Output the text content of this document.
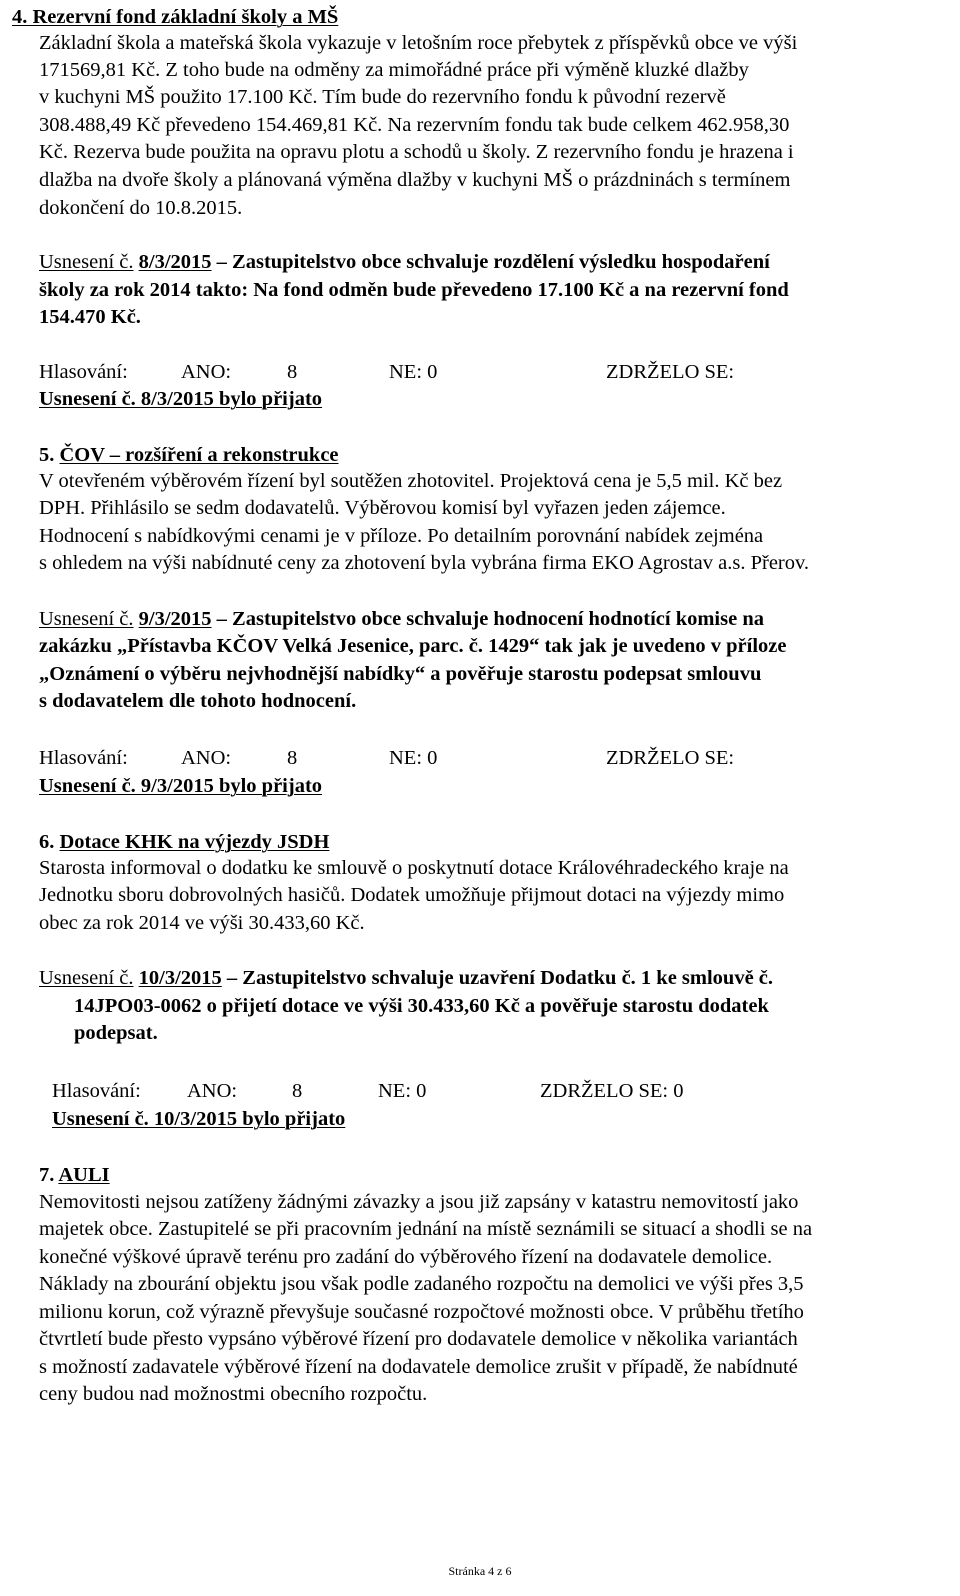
4. Rezervní fond základní školy a MŠ
Základní škola a mateřská škola vykazuje v letošním roce přebytek z příspěvků obce ve výši
171569,81 Kč. Z toho bude na odměny za mimořádné práce při výměně kluzké dlažby
v kuchyni MŠ použito 17.100 Kč. Tím bude do rezervního fondu k původní rezervě
308.488,49 Kč převedeno 154.469,81 Kč. Na rezervním fondu tak bude celkem 462.958,30
Kč. Rezerva bude použita na opravu plotu a schodů u školy. Z rezervního fondu je hrazena i
dlažba na dvoře školy a plánovaná výměna dlažby v kuchyni MŠ o prázdninách s termínem
dokončení do 10.8.2015.
Usnesení č. 8/3/2015 – Zastupitelstvo obce schvaluje rozdělení výsledku hospodaření
školy za rok 2014 takto: Na fond odměn bude převedeno 17.100 Kč a na rezervní fond
154.470 Kč.
Hlasování:	ANO:	8	NE: 0	ZDRŽELO SE:
Usnesení č. 8/3/2015 bylo přijato
5. ČOV – rozšíření a rekonstrukce
V otevřeném výběrovém řízení byl soutěžen zhotovitel. Projektová cena je 5,5 mil. Kč bez
DPH. Přihlásilo se sedm dodavatelů. Výběrovou komisí byl vyřazen jeden zájemce.
Hodnocení s nabídkovými cenami je v příloze. Po detailním porovnání nabídek zejména
s ohledem na výši nabídnuté ceny za zhotovení byla vybrána firma EKO Agrostav a.s. Přerov.
Usnesení č. 9/3/2015 – Zastupitelstvo obce schvaluje hodnocení hodnotící komise na
zakázku „Přístavba KČOV Velká Jesenice, parc. č. 1429“ tak jak je uvedeno v příloze
„Oznámení o výběru nejvhodnější nabídky“ a pověřuje starostu podepsat smlouvu
s dodavatelem dle tohoto hodnocení.
Hlasování:	ANO:	8	NE: 0	ZDRŽELO SE:
Usnesení č. 9/3/2015 bylo přijato
6. Dotace KHK na výjezdy JSDH
Starosta informoval o dodatku ke smlouvě o poskytnutí dotace Královéhradeckého kraje na
Jednotku sboru dobrovolných hasičů. Dodatek umožňuje přijmout dotaci na výjezdy mimo
obec za rok 2014 ve výši 30.433,60 Kč.
Usnesení č. 10/3/2015 – Zastupitelstvo schvaluje uzavření Dodatku č. 1 ke smlouvě č.
14JPO03-0062 o přijetí dotace ve výši 30.433,60 Kč a pověřuje starostu dodatek
podepsat.
Hlasování: ANO:	8	NE: 0	ZDRŽELO SE: 0
Usnesení č. 10/3/2015 bylo přijato
7. AULI
Nemovitosti nejsou zatíženy žádnými závazky a jsou již zapsány v katastru nemovitostí jako
majetek obce. Zastupitelé se při pracovním jednání na místě seznámili se situací a shodli se na
konečné výškové úpravě terénu pro zadání do výběrového řízení na dodavatele demolice.
Náklady na zbourání objektu jsou však podle zadaného rozpočtu na demolici ve výši přes 3,5
milionu korun, což výrazně převyšuje současné rozpočtové možnosti obce. V průběhu třetího
čtvrtletí bude přesto vypsáno výběrové řízení pro dodavatele demolice v několika variantách
s možností zadavatele výběrové řízení na dodavatele demolice zrušit v případě, že nabídnuté
ceny budou nad možnostmi obecního rozpočtu.
Stránka 4 z 6
